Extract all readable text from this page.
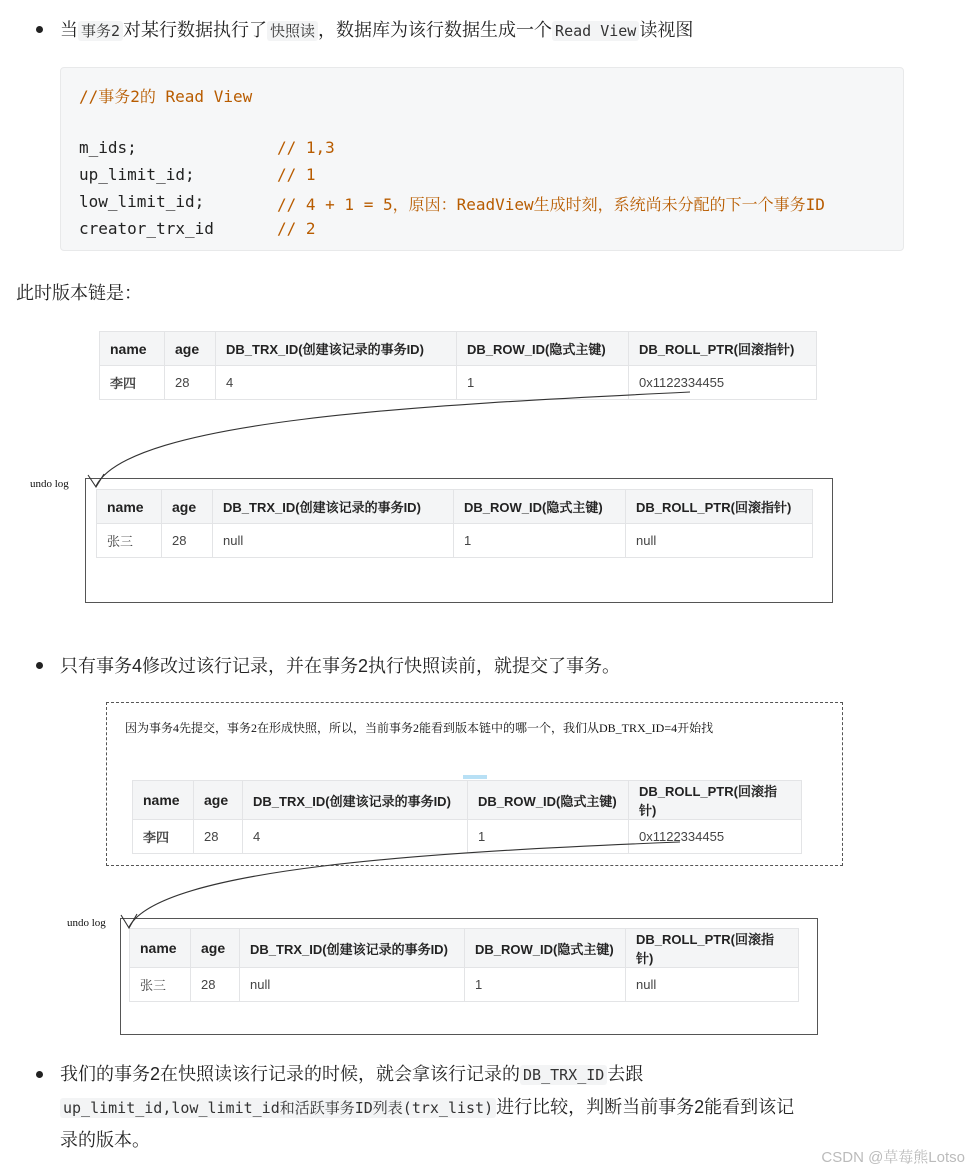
当 事务2 对某行数据执行了 快照读 ，数据库为该行数据生成一个 Read View 读视图
//事务2的 Read View
m_ids;	// 1,3
up_limit_id;	// 1
low_limit_id;	// 4 + 1 = 5，原因：ReadView生成时刻，系统尚未分配的下一个事务ID
creator_trx_id	// 2
此时版本链是：
name	age	DB_TRX_ID(创建该记录的事务ID)	DB_ROW_ID(隐式主键)	DB_ROLL_PTR(回滚指针)
李四	28	4	1	0x1122334455
undo log
name	age	DB_TRX_ID(创建该记录的事务ID)	DB_ROW_ID(隐式主键)	DB_ROLL_PTR(回滚指针)
张三	28	null	1	null
只有事务4修改过该行记录，并在事务2执行快照读前，就提交了事务。
因为事务4先提交，事务2在形成快照，所以，当前事务2能看到版本链中的哪一个，我们从DB_TRX_ID=4开始找
name	age	DB_TRX_ID(创建该记录的事务ID)	DB_ROW_ID(隐式主键)	DB_ROLL_PTR(回滚指针)
李四	28	4	1	0x1122334455
undo log
name	age	DB_TRX_ID(创建该记录的事务ID)	DB_ROW_ID(隐式主键)	DB_ROLL_PTR(回滚指针)
张三	28	null	1	null
我们的事务2在快照读该行记录的时候，就会拿该行记录的 DB_TRX_ID 去跟
up_limit_id,low_limit_id和活跃事务ID列表(trx_list) 进行比较，判断当前事务2能看到该记
录的版本。
CSDN @草莓熊Lotso
